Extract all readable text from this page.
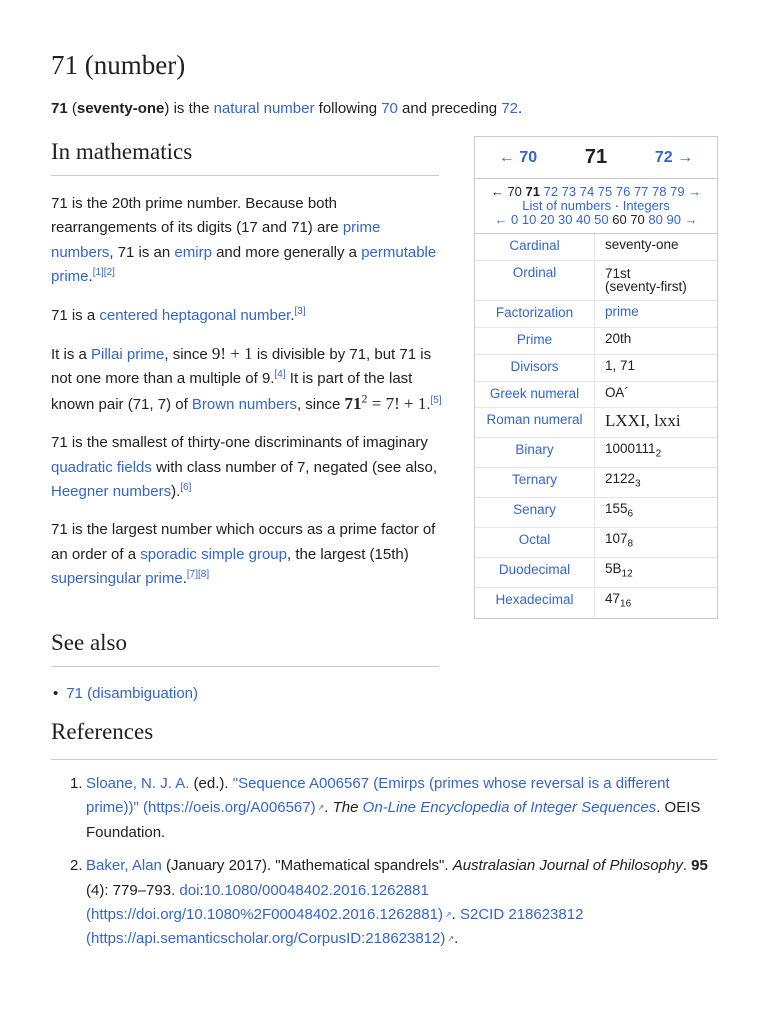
71 (number)

71 (seventy-one) is the natural number following 70 and preceding 72.

← 70	71	72 →
← 70 71 72 73 74 75 76 77 78 79 →
List of numbers · Integers
← 0 10 20 30 40 50 60 70 80 90 →
Cardinal	seventy-one
Ordinal	71st
(seventy-first)
Factorization	prime
Prime	20th
Divisors	1, 71
Greek numeral	ΟΑ´
Roman numeral	LXXI, lxxi
Binary	$1000111_2$
Ternary	$2122_3$
Senary	$155_6$
Octal	$107_8$
Duodecimal	$5B_{12}$
Hexadecimal	$47_{16}$
In mathematics

71 is the 20th prime number. Because both rearrangements of its digits (17 and 71) are prime numbers, 71 is an emirp and more generally a permutable prime.[1][2]

71 is a centered heptagonal number.[3]

It is a Pillai prime, since 9! + 1 is divisible by 71, but 71 is not one more than a multiple of 9.[4] It is part of the last known pair (71, 7) of Brown numbers, since $71^2 = 7$! + 1.[5]

71 is the smallest of thirty-one discriminants of imaginary quadratic fields with class number of 7, negated (see also, Heegner numbers).[6]

71 is the largest number which occurs as a prime factor of an order of a sporadic simple group, the largest (15th) supersingular prime.[7][8]

See also
• 71 (disambiguation)
References
1. Sloane, N. J. A. (ed.). "Sequence A006567 (Emirps (primes whose reversal is a different prime))" (https://oeis.org/A006567) ↗ . The On-Line Encyclopedia of Integer Sequences. OEIS Foundation.
2. Baker, Alan (January 2017). "Mathematical spandrels". Australasian Journal of Philosophy. 95 (4): 779–793. doi:10.1080/00048402.2016.1262881 (https://doi.org/10.1080%2F00048402.2016.1262881) ↗ . S2CID 218623812 (https://api.semanticscholar.org/CorpusID:218623812) ↗ .
